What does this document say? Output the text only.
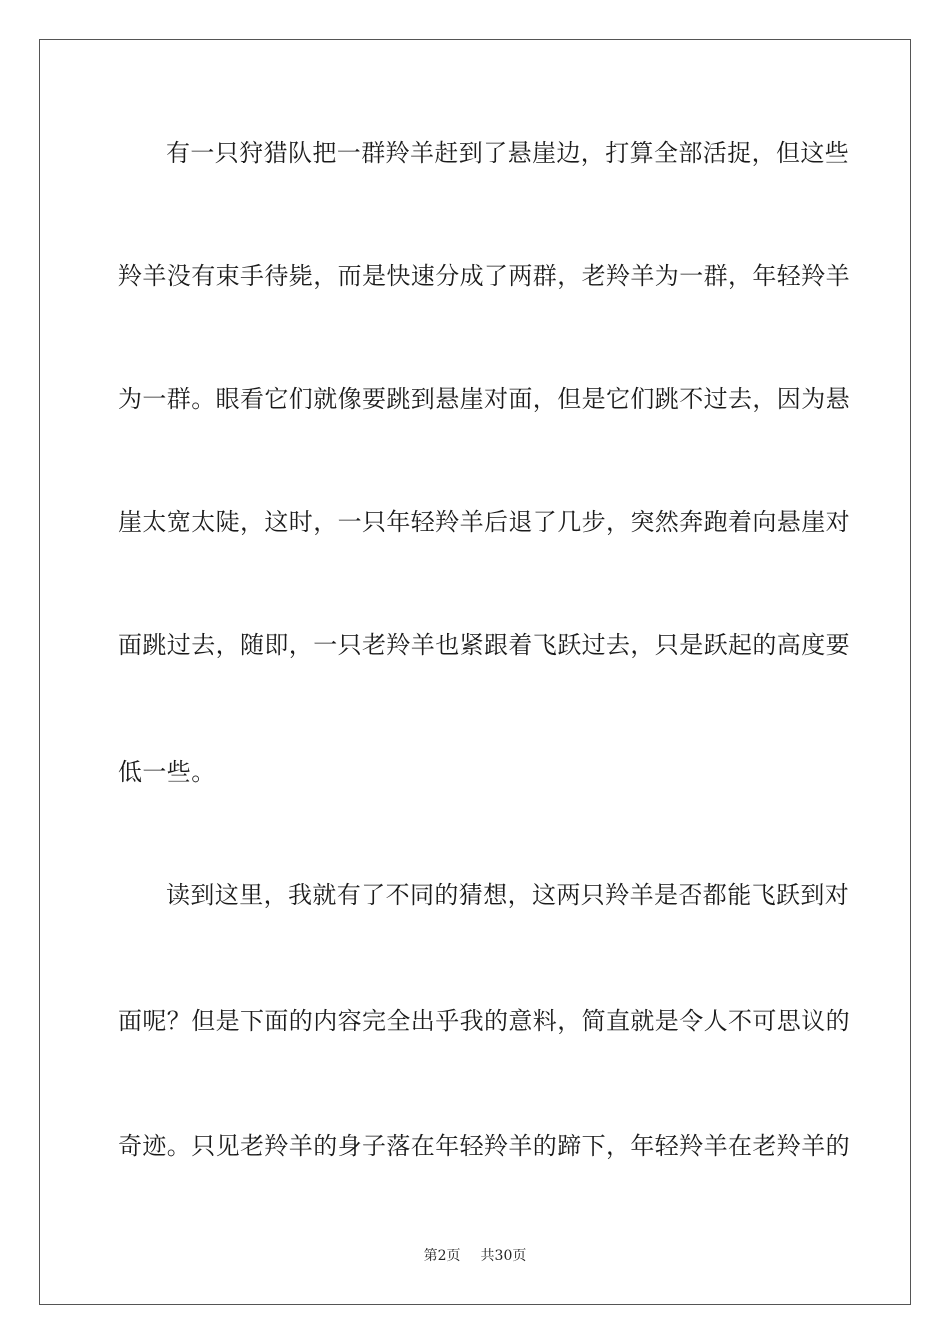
有一只狩猎队把一群羚羊赶到了悬崖边，打算全部活捉，但这些
羚羊没有束手待毙，而是快速分成了两群，老羚羊为一群，年轻羚羊
为一群。眼看它们就像要跳到悬崖对面，但是它们跳不过去，因为悬
崖太宽太陡，这时，一只年轻羚羊后退了几步，突然奔跑着向悬崖对
面跳过去，随即，一只老羚羊也紧跟着飞跃过去，只是跃起的高度要
低一些。
读到这里，我就有了不同的猜想，这两只羚羊是否都能飞跃到对
面呢？但是下面的内容完全出乎我的意料，简直就是令人不可思议的
奇迹。只见老羚羊的身子落在年轻羚羊的蹄下，年轻羚羊在老羚羊的
第2页 共30页
